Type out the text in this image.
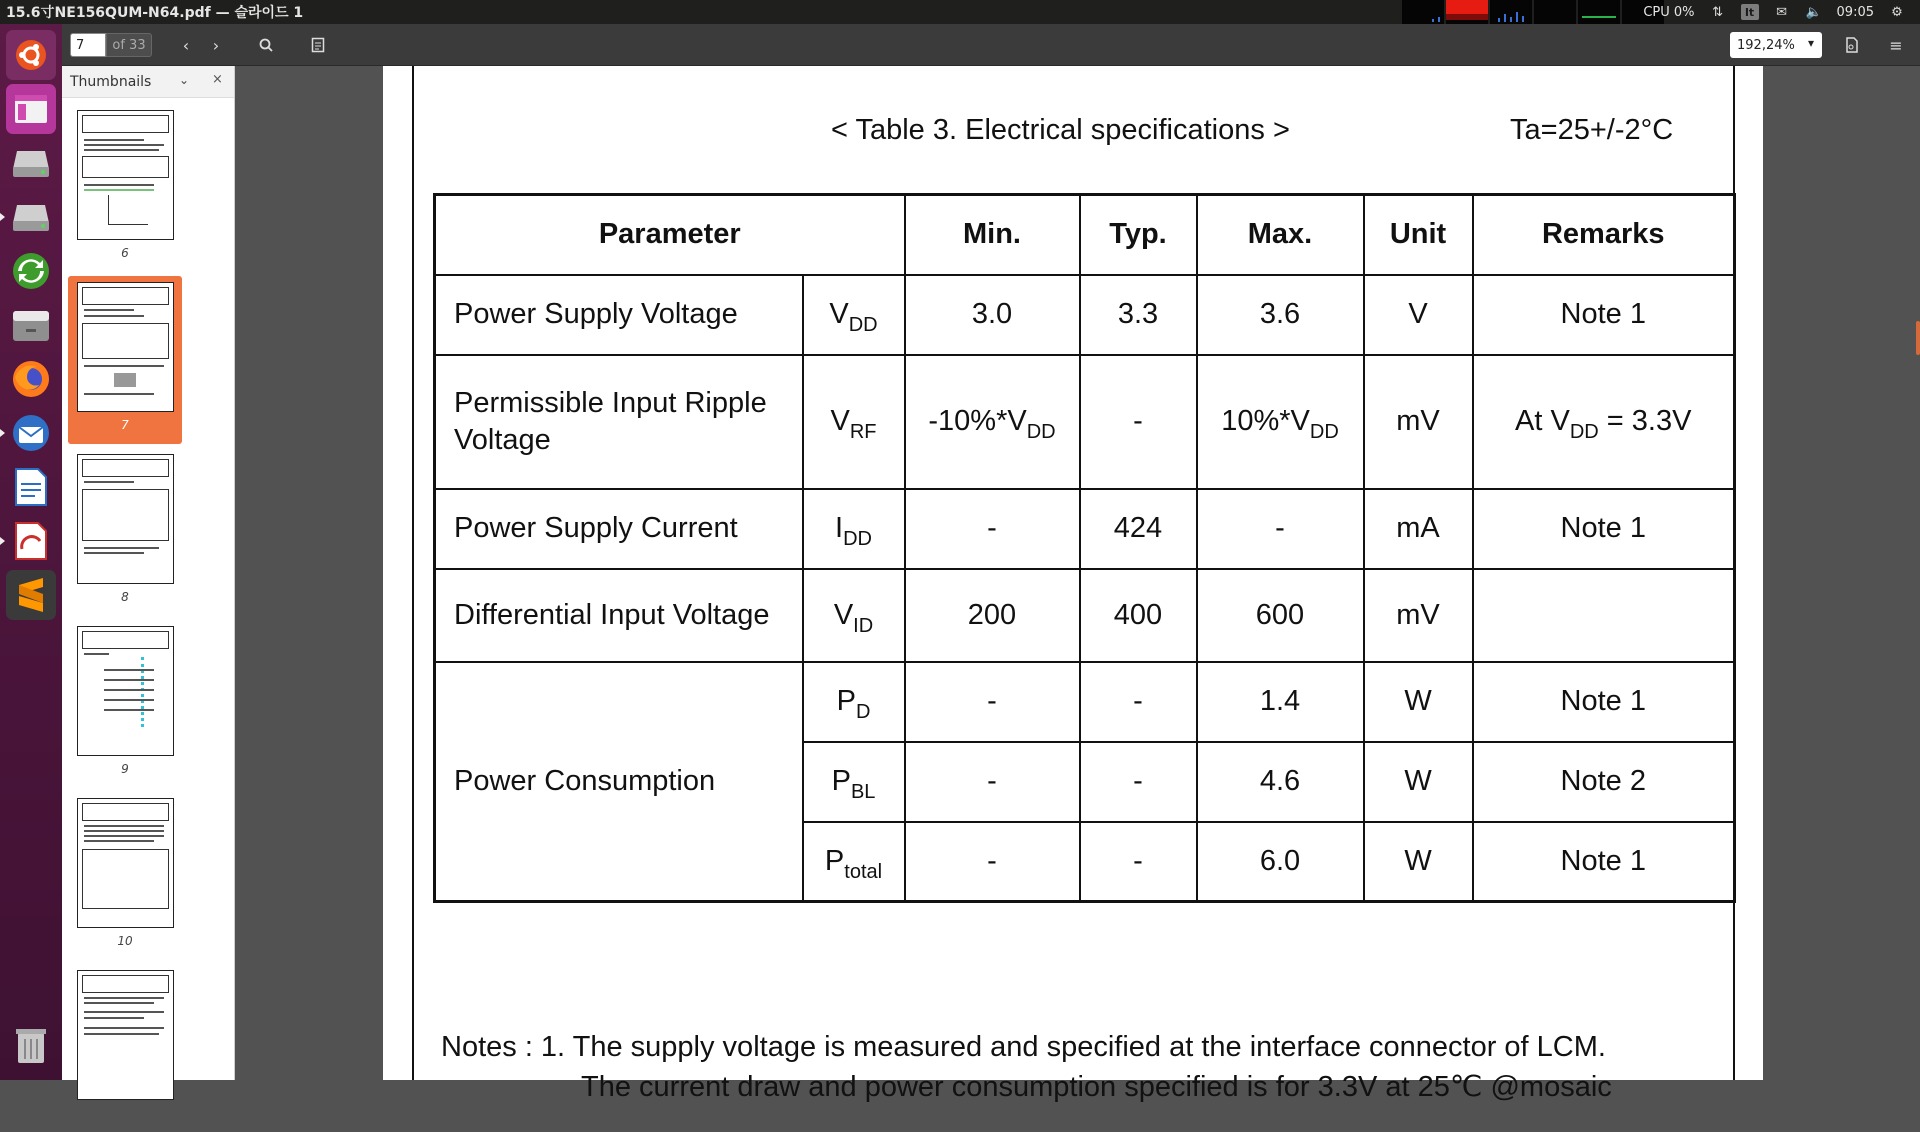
15.6寸NE156QUM-N64.pdf — 슬라이드 1	CPU 0% ⇅	It	✉ 🔈 09:05 ⚙
7
of 33	‹	›	192,24% ▾	≡
Thumbnails ⌄ ×
6
7
8
9
10
< Table 3. Electrical specifications >	Ta=25+/-2°C
Parameter		Min.	Typ.	Max.	Unit	Remarks
Power Supply Voltage	$V_{DD}$	3.0	3.3	3.6	V	Note 1
Permissible Input Ripple Voltage	$V_{RF}$	$-10\%*V_{DD}$	-	$10\%*V_{DD}$	mV	At $V_{DD} = 3.3V$
Power Supply Current	$I_{DD}$	-	424	-	mA	Note 1
Differential Input Voltage	$V_{ID}$	200	400	600	mV	
Power Consumption	$P_D$	-	-	1.4	W	Note 1
	$P_{BL}$	-	-	4.6	W	Note 2
	$P_{total}$	-	-	6.0	W	Note 1
Notes : 1. The supply voltage is measured and specified at the interface connector of LCM.
The current draw and power consumption specified is for 3.3V at 25℃ @mosaic
